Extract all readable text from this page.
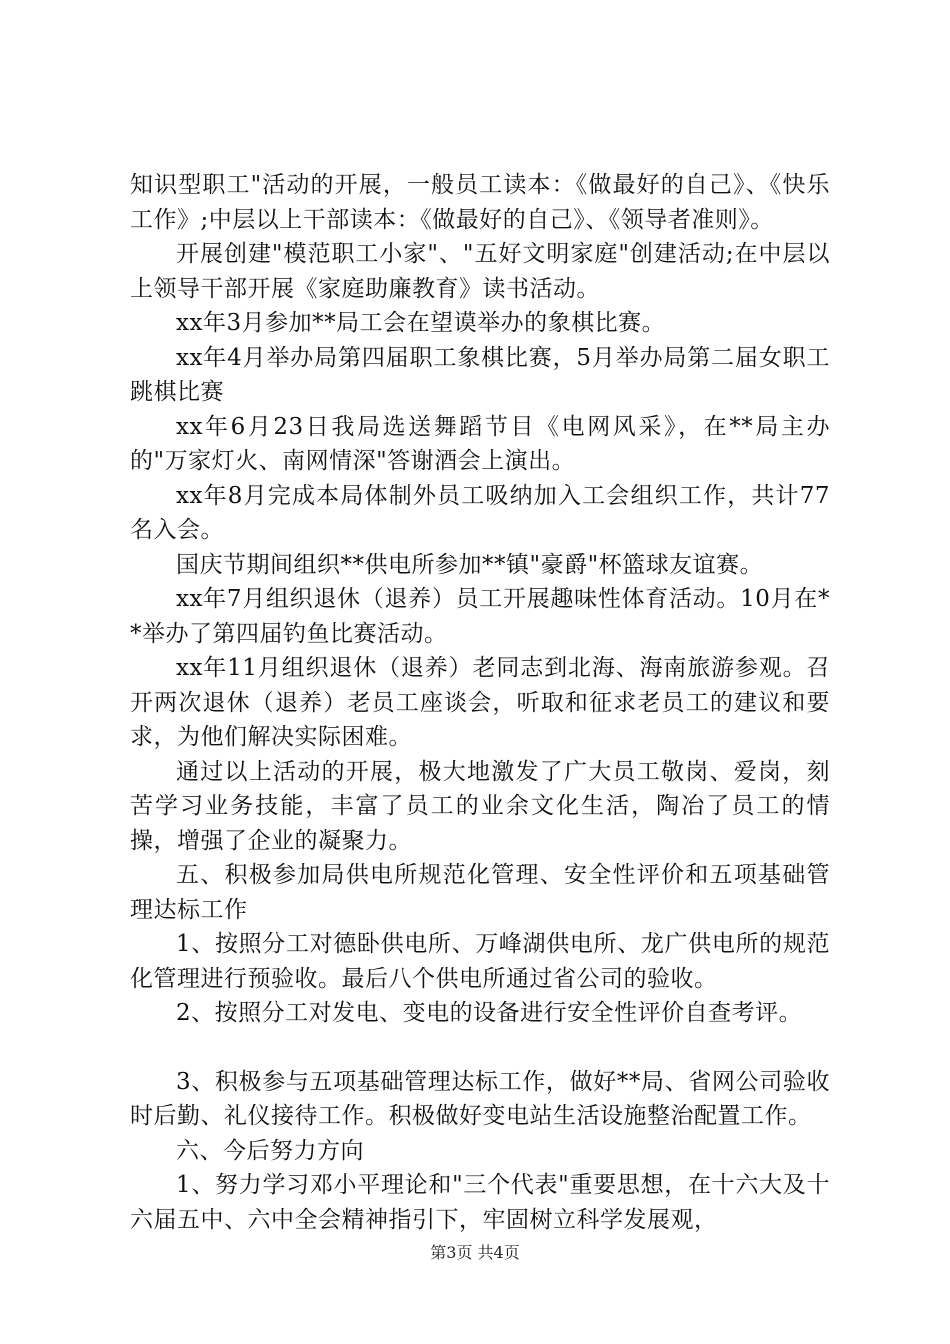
知识型职工"活动的开展，一般员工读本：《做最好的自己》、《快乐工作》;中层以上干部读本：《做最好的自己》、《领导者准则》。

开展创建"模范职工小家"、"五好文明家庭"创建活动;在中层以上领导干部开展《家庭助廉教育》读书活动。

xx年3月参加**局工会在望谟举办的象棋比赛。

xx年4月举办局第四届职工象棋比赛，5月举办局第二届女职工跳棋比赛

xx年6月23日我局选送舞蹈节目《电网风采》，在**局主办的"万家灯火、南网情深"答谢酒会上演出。

xx年8月完成本局体制外员工吸纳加入工会组织工作，共计77名入会。

国庆节期间组织**供电所参加**镇"豪爵"杯篮球友谊赛。

xx年7月组织退休（退养）员工开展趣味性体育活动。10月在**举办了第四届钓鱼比赛活动。

xx年11月组织退休（退养）老同志到北海、海南旅游参观。召开两次退休（退养）老员工座谈会，听取和征求老员工的建议和要求，为他们解决实际困难。

通过以上活动的开展，极大地激发了广大员工敬岗、爱岗，刻苦学习业务技能，丰富了员工的业余文化生活，陶冶了员工的情操，增强了企业的凝聚力。

五、积极参加局供电所规范化管理、安全性评价和五项基础管理达标工作

1、按照分工对德卧供电所、万峰湖供电所、龙广供电所的规范化管理进行预验收。最后八个供电所通过省公司的验收。

2、按照分工对发电、变电的设备进行安全性评价自查考评。

3、积极参与五项基础管理达标工作，做好**局、省网公司验收时后勤、礼仪接待工作。积极做好变电站生活设施整治配置工作。

六、今后努力方向

1、努力学习邓小平理论和"三个代表"重要思想，在十六大及十六届五中、六中全会精神指引下，牢固树立科学发展观，

第3页 共4页
